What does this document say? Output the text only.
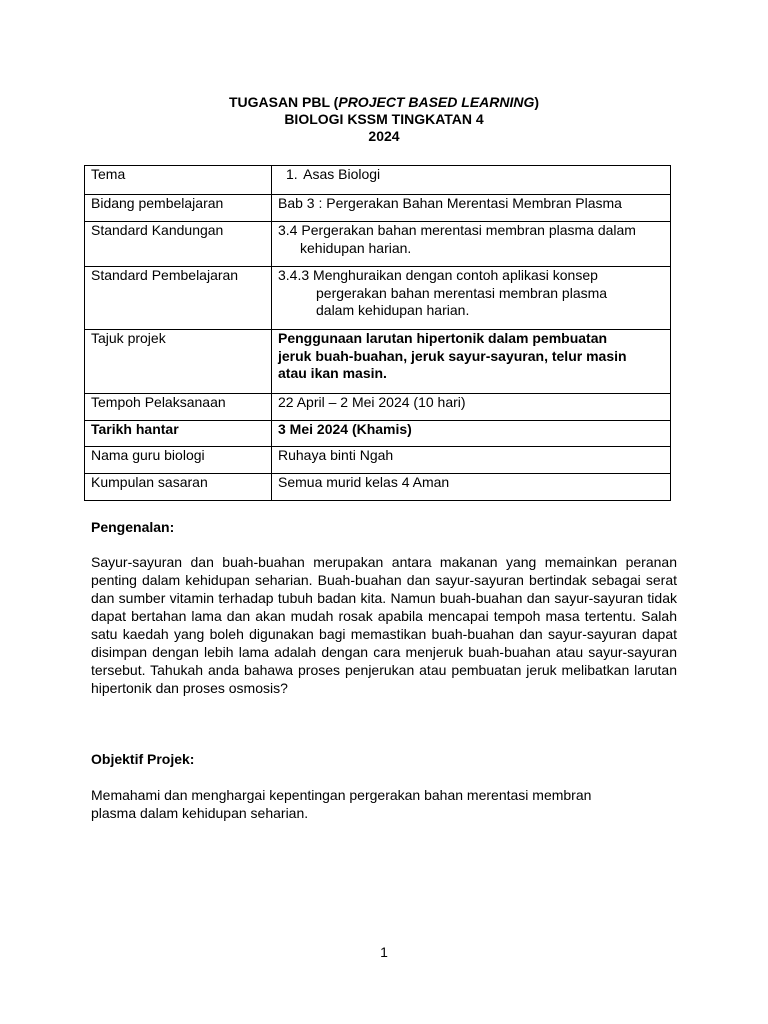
TUGASAN PBL (PROJECT BASED LEARNING)
BIOLOGI KSSM TINGKATAN 4
2024
Tema	1. Asas Biologi
Bidang pembelajaran	Bab 3 : Pergerakan Bahan Merentasi Membran Plasma
Standard Kandungan	3.4 Pergerakan bahan merentasi membran plasma dalam
kehidupan harian.

Standard Pembelajaran	3.4.3 Menghuraikan dengan contoh aplikasi konsep
pergerakan bahan merentasi membran plasma
dalam kehidupan harian.

Tajuk projek	Penggunaan larutan hipertonik dalam pembuatan
jeruk buah-buahan, jeruk sayur-sayuran, telur masin
atau ikan masin.

Tempoh Pelaksanaan	22 April – 2 Mei 2024 (10 hari)
Tarikh hantar	3 Mei 2024 (Khamis)
Nama guru biologi	Ruhaya binti Ngah
Kumpulan sasaran	Semua murid kelas 4 Aman
Pengenalan:

Sayur-sayuran dan buah-buahan merupakan antara makanan yang memainkan peranan penting dalam kehidupan seharian. Buah-buahan dan sayur-sayuran bertindak sebagai serat dan sumber vitamin terhadap tubuh badan kita. Namun buah-buahan dan sayur-sayuran tidak dapat bertahan lama dan akan mudah rosak apabila mencapai tempoh masa tertentu. Salah satu kaedah yang boleh digunakan bagi memastikan buah-buahan dan sayur-sayuran dapat disimpan dengan lebih lama adalah dengan cara menjeruk buah-buahan atau sayur-sayuran tersebut. Tahukah anda bahawa proses penjerukan atau pembuatan jeruk melibatkan larutan hipertonik dan proses osmosis?

Objektif Projek:
Memahami dan menghargai kepentingan pergerakan bahan merentasi membran
plasma dalam kehidupan seharian.
1
